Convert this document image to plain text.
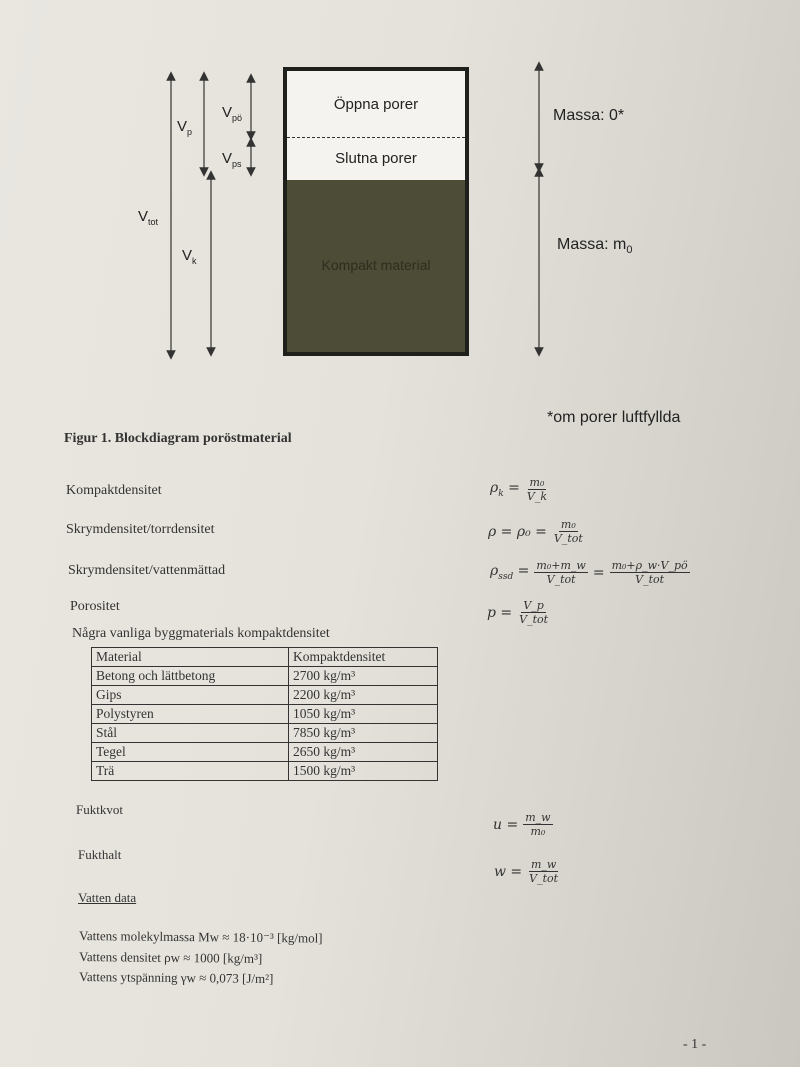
$V_{tot}$
$V_p$
$V_k$
$V_{pö}$
$V_{ps}$
Öppna porer
Slutna porer
Kompakt material
Massa: 0*
Massa: $m_0$
*om porer luftfyllda
Figur 1. Blockdiagram poröstmaterial
Kompaktdensitet
Skrymdensitet/torrdensitet
Skrymdensitet/vattenmättad
Porositet
$\rho_k = \frac{\text{m₀}}{V\_k}$
$\rho = \rho_0 = \frac{\text{m₀}}{\text{V\_tot}}$
$\rho_{ssd} = \frac{\text{m₀+m\_w}}{\text{V\_tot}} = \frac{\text{m₀+ρ\_w·V\_pö}}{\text{V\_tot}}$
$p = \frac{V\_p}{\text{V\_tot}}$
Några vanliga byggmaterials kompaktdensitet
Material	Kompaktdensitet
Betong och lättbetong	2700 kg/m³
Gips	2200 kg/m³
Polystyren	1050 kg/m³
Stål	7850 kg/m³
Tegel	2650 kg/m³
Trä	1500 kg/m³
Fuktkvot
$u = \frac{m\_w}{\text{m₀}}$
Fukthalt
$w = \frac{m\_w}{\text{V\_tot}}$
Vatten data
Vattens molekylmassa Mw ≈ 18·10⁻³ [kg/mol]
Vattens densitet ρw ≈ 1000 [kg/m³]
Vattens ytspänning γw ≈ 0,073 [J/m²]
- 1 -
